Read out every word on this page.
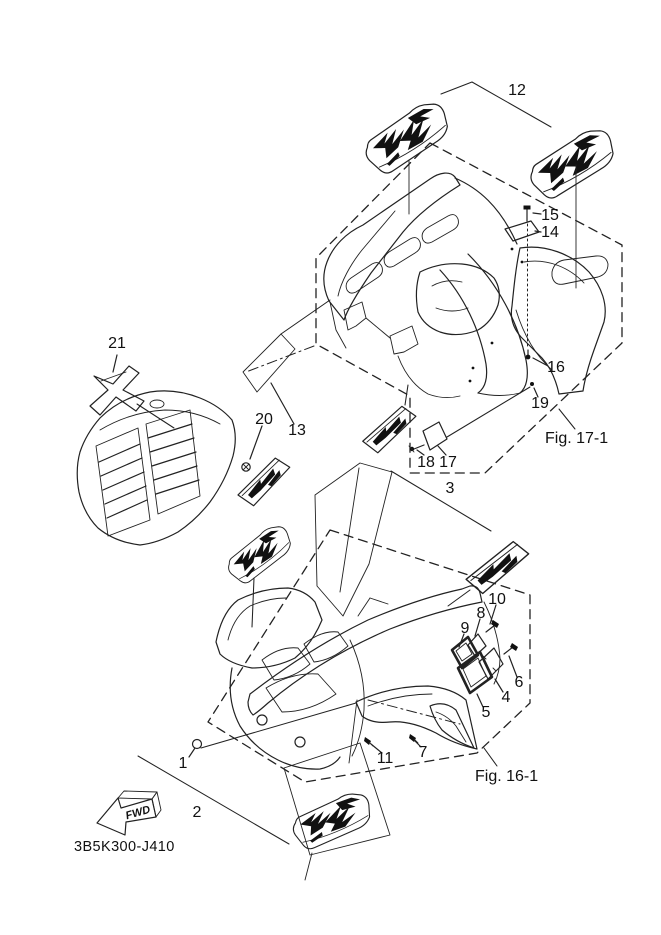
1
2
3
4
5
6
7
8
9
10
11
12
13
14
15
16
17
18
19
20
21
Fig. 17-1
Fig. 16-1
FWD
3B5K300-J410
